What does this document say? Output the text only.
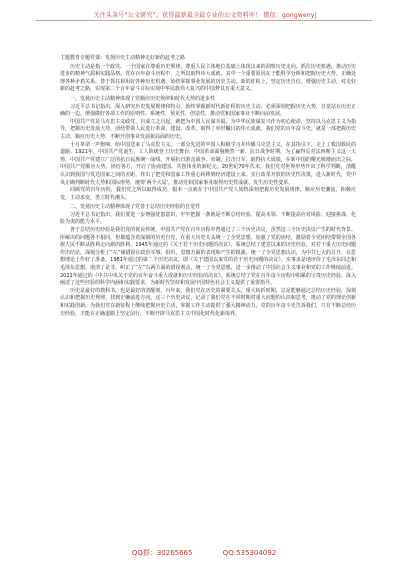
关注头条号“公文研究”，获得最新最全最专业的公文资料库！ 微信：gongwenyj
主题教育专题党课：发扬历史主动精神走好新的赶考之路

历史主动是指一个政党、一个国家在尊重历史规律，尊重人民主体地位基础上体现出来的洞察历史走向、抓住历史机遇、推动历史进步的精神气质和实践品格。党在百年奋斗历程中，之所以取得伟大成就，其中一个重要原因在于能科学分析和把握历史大势，正确处理各种矛盾关系，善于抓住和用好各种历史机遇，始终掌握事业发展的历史主动。新的征程上，坚定历史自信，增强历史主动，对走好新的赶考之路，实现第二个百年奋斗目标实现中华民族伟大复兴的中国梦具有重大意义。

一、发扬历史主动精神体现了党顺应历史规律和时代大势的进步性

习近平总书记指出，深入研究历史发展规律和特点，始终掌握新时代新征程的历史主动，必须深刻把握历史大势，自觉站在历史正确的一边，增强做好各项工作的原则性、系统性、预见性、创造性，推动党和国家事业不断向前发展。

中国共产党是马克思主义政党，自成立之日起，就把为中国人民谋幸福、为中华民族谋复兴作为初心使命，坚持以马克思主义为指导，把握历史发展大势，团结带领人民进行革命、建设、改革，取得了举世瞩目的伟大成就。我们党的百年奋斗史，就是一部把握历史主动、顺应历史大势、不断开创事业发展新局面的历史。

十月革命一声炮响，给中国送来了马克思主义，一部分先进的中国人积极学习并传播马克思主义，在其指引下，走上了救国救民的道路。1921年，中国共产党诞生，工人阶级登上历史舞台，中国革命面貌焕然一新。抗日战争时期，为了赢得反对法西斯主义这一大势，中国共产党建立广泛的抗日民族统一战线，开展抗日游击战争，牵制、打击日军，取得抗大成绩，在新中国的曙光喷薄而出之际，中国共产党顺应大势，团结各方，开启了协商建国、共创伟业的新纪元。20世纪70年代末，我们党对世界形势作出了科学判断，清醒认识到我国与发达国家之间的差距，作出了把党和国家工作重心转移到经济建设上来、实行改革开放的历史性决策，进入新时代，党中央正确判断时代大势和国际形势，统筹‘两个大局’，推动党和国家事业取得历史性成就、发生历史性变革。

回顾党的百年历程，我们党之所以取得成功，根本一点就在于中国共产党人始终深刻把握历史发展规律，顺应历史潮流，积极应变，主动求变，勇立时代潮头。

二、发扬历史主动精神体现了党善于总结历史经验的自觉性

习近平总书记指出，我们要进一步增强忧患意识，牢牢把握一条就是不断总结经验、提高本领、不断提高应对风险、迎接挑战、化险为夷的能力水平。

善于总结历史经验是我们党的优良传统。中国共产党在百年历程中曾通过了三个历史决议，虽然这三个历史决议产生的时代背景、所解决的问题各不相同，但都蕴含着深刻的历史自觉，在重大历史关头统一了全党思想，加强了党的团结，激励着全党团结带领全国各族人民不断从胜利走向新的胜利。1945年通过的《关于若干历史问题的决议》，系统总结了建党以来的历史经验，对若干重大历史问题作出结论，深刻分析了“左”倾错误在政治军事、组织、思想方面的表现和产生的根源，统一了全党思想认识，为中共七大的召开，在思想理论上作好了准备。1981年通过的第二个历史决议，即《关于建国以来党的若干历史问题的决议》，实事求是地评价了毛泽东同志和毛泽东思想，澄清了是非，纠正了“左”右两方面的错误观点，统一了全党思想，进一步推动了中国社会主义事业和党的工作继续前进。2021年通过的《中共中央关于党的百年奋斗重大成就和历史经验的决议》，系统总结了党在百年奋斗历程中积累的宝贵历史经验，深入阐述了这些经验的科学内涵和实践要求，为新时代坚持和发展中国特色社会主义提供了重要指导。

历史是最好的教科书，也是最好的清醒剂。百年来，我们党在历史的紧要关头、重大转折时期，总是能够通过总结历史经验，深刻认识和把握历史规律，找到正确前进方向。这三个历史决议，记录了我们党在不同时期对重大问题的认识和思考，推动了党的理论创新和实践创新，为我们党在新征程上继续把握历史主动、掌握工作主动提供了强大精神动力。党的百年奋斗史告诉我们，只有不断总结历史经验，才能在正确道路上坚定前行，不断开辟马克思主义中国化时代化新境界。

QQ群：30265665	QQ:535304092
